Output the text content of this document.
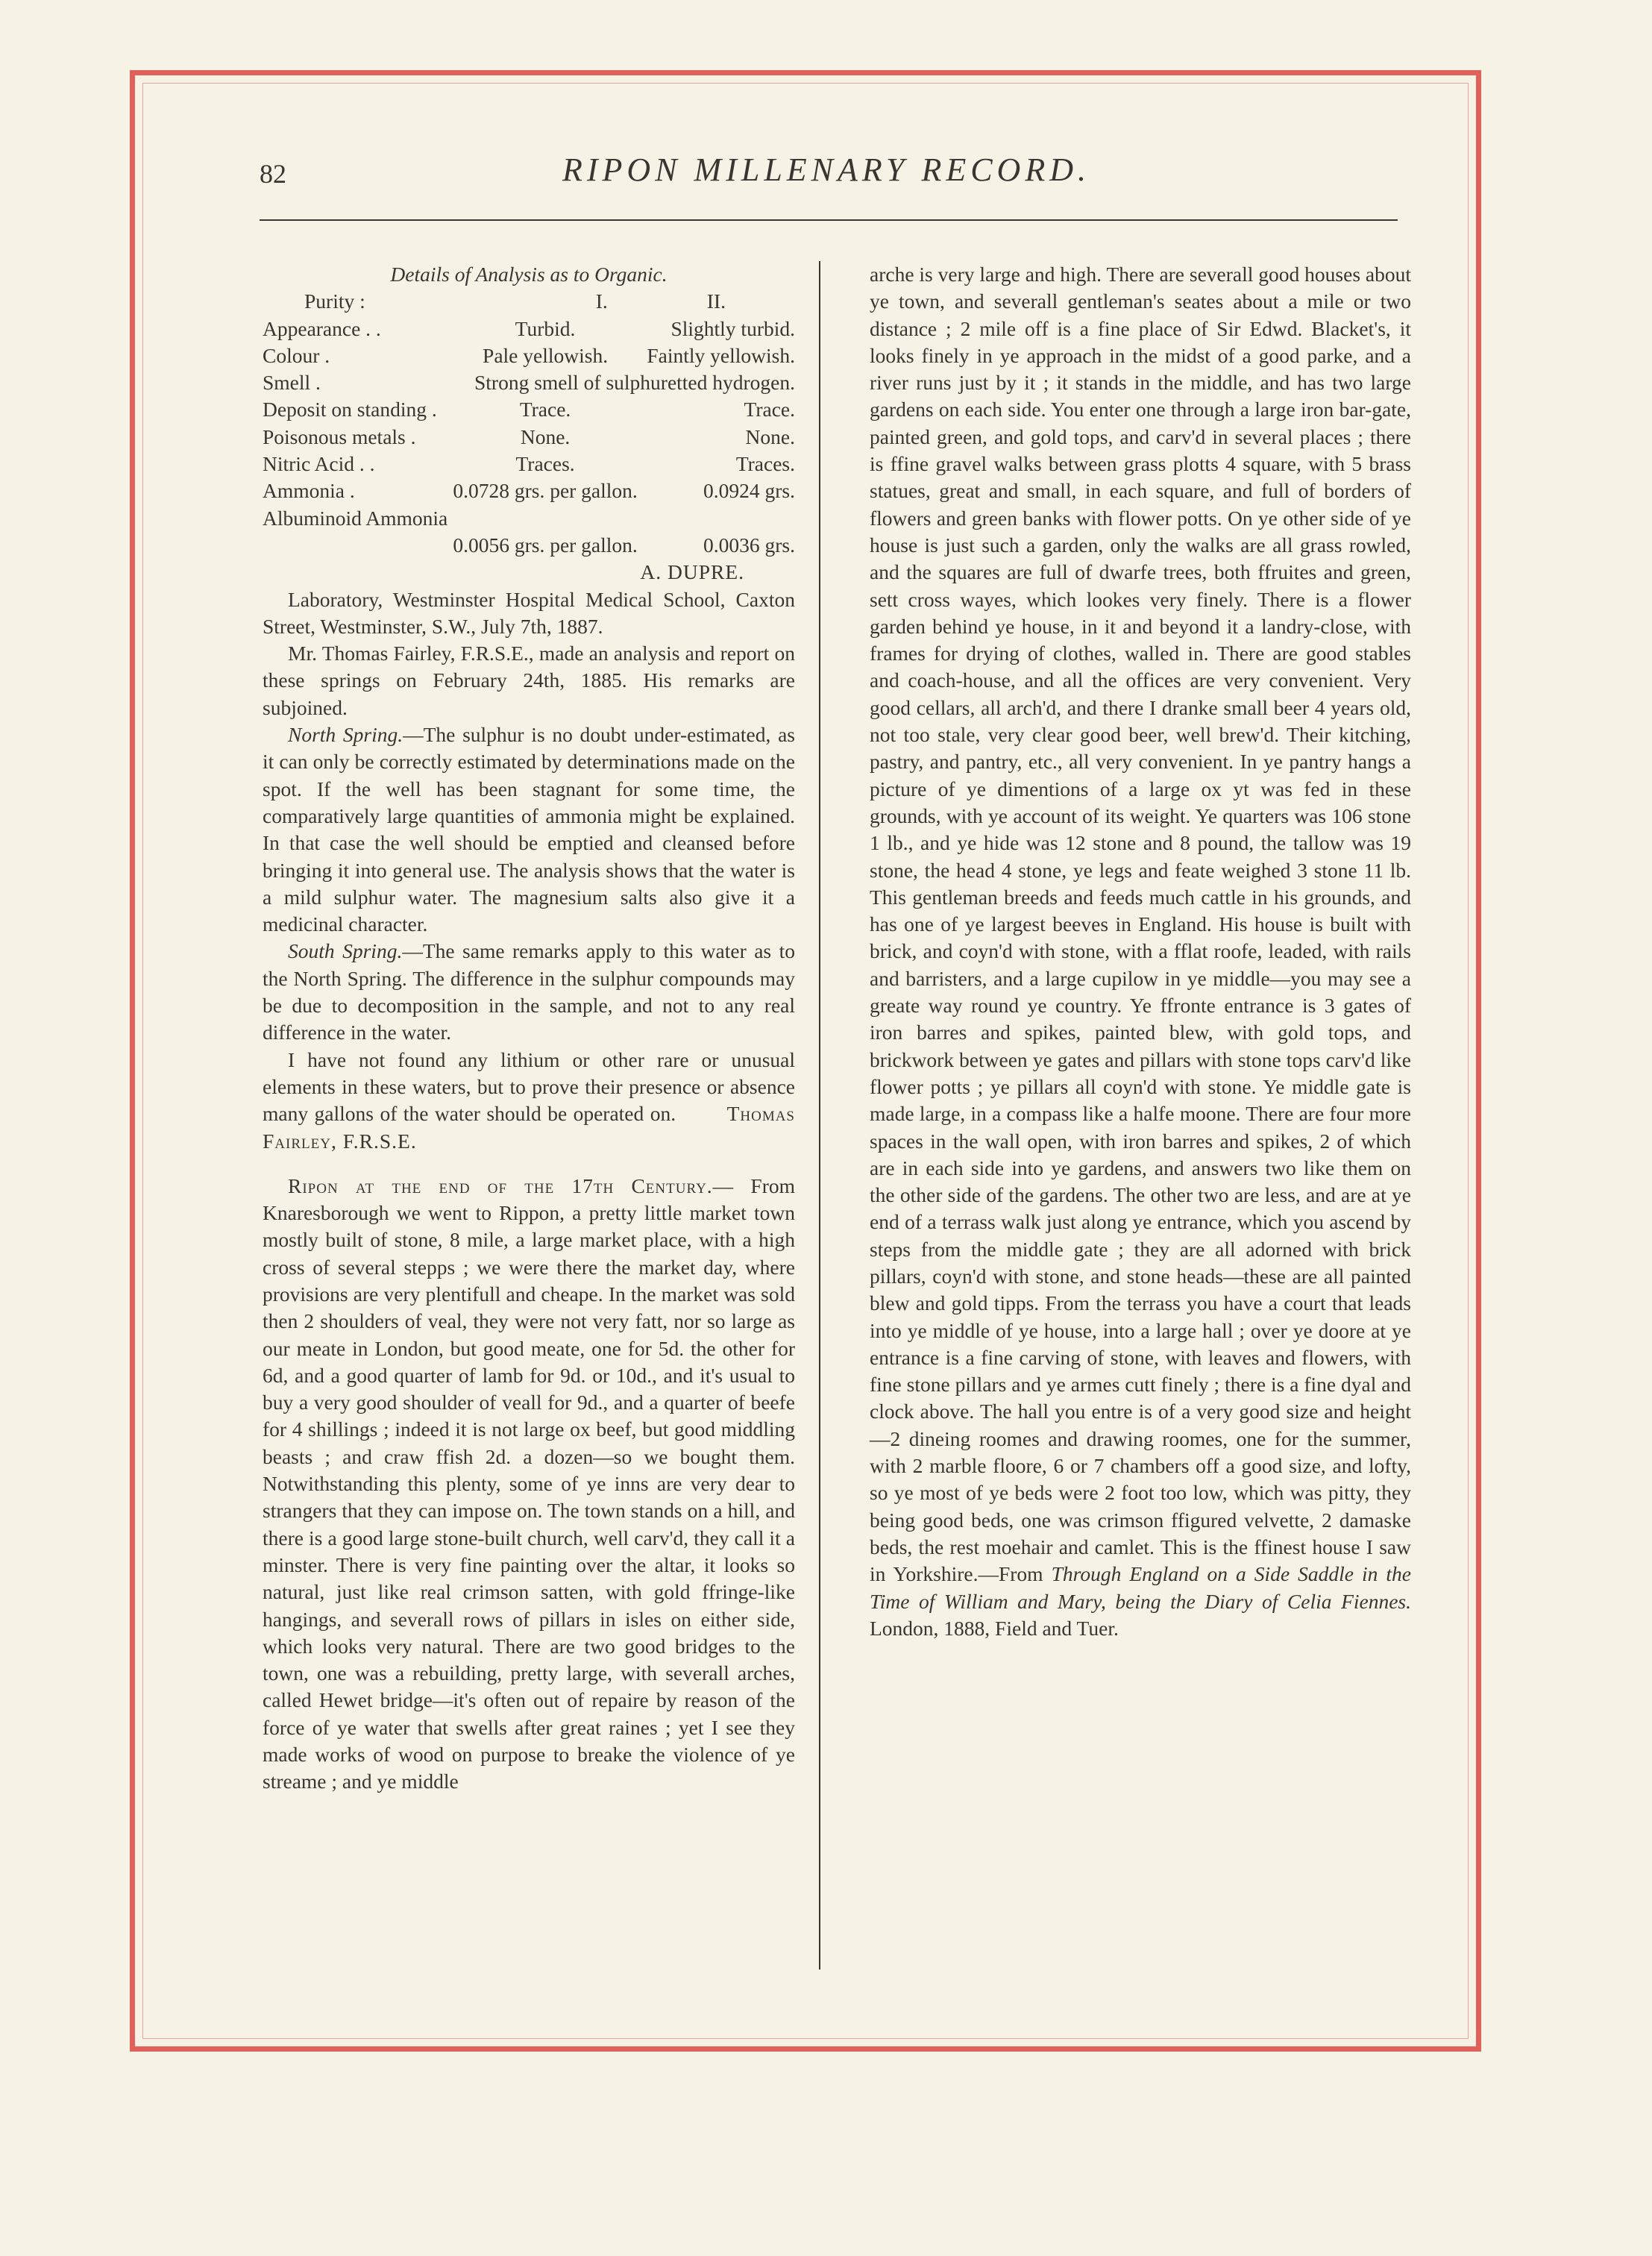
82	RIPON MILLENARY RECORD.

Details of Analysis as to Organic.

Purity :	I.	II.
Appearance . .	Turbid.	Slightly turbid.
Colour .	Pale yellowish.	Faintly yellowish.
Smell .	Strong smell of sulphuretted hydrogen.	
Deposit on standing .	Trace.	Trace.
Poisonous metals .	None.	None.
Nitric Acid . .	Traces.	Traces.
Ammonia .	0.0728 grs. per gallon.	0.0924 grs.
Albuminoid Ammonia		
	0.0056 grs. per gallon.	0.0036 grs.

A. DUPRE.

Laboratory, Westminster Hospital Medical School, Caxton Street, Westminster, S.W., July 7th, 1887.

Mr. Thomas Fairley, F.R.S.E., made an analysis and report on these springs on February 24th, 1885. His remarks are subjoined.

North Spring.—The sulphur is no doubt under-estimated, as it can only be correctly estimated by determinations made on the spot. If the well has been stagnant for some time, the comparatively large quantities of ammonia might be explained. In that case the well should be emptied and cleansed before bringing it into general use. The analysis shows that the water is a mild sulphur water. The magnesium salts also give it a medicinal character.

South Spring.—The same remarks apply to this water as to the North Spring. The difference in the sulphur compounds may be due to decomposition in the sample, and not to any real difference in the water.

I have not found any lithium or other rare or unusual elements in these waters, but to prove their presence or absence many gallons of the water should be operated on. Thomas Fairley, F.R.S.E.

Ripon at the end of the 17th Century.— From Knaresborough we went to Rippon, a pretty little market town mostly built of stone, 8 mile, a large market place, with a high cross of several stepps ; we were there the market day, where provisions are very plentifull and cheape. In the market was sold then 2 shoulders of veal, they were not very fatt, nor so large as our meate in London, but good meate, one for 5d. the other for 6d, and a good quarter of lamb for 9d. or 10d., and it's usual to buy a very good shoulder of veall for 9d., and a quarter of beefe for 4 shillings ; indeed it is not large ox beef, but good middling beasts ; and craw ffish 2d. a dozen—so we bought them. Notwithstanding this plenty, some of ye inns are very dear to strangers that they can impose on. The town stands on a hill, and there is a good large stone-built church, well carv'd, they call it a minster. There is very fine painting over the altar, it looks so natural, just like real crimson satten, with gold ffringe-like hangings, and severall rows of pillars in isles on either side, which looks very natural. There are two good bridges to the town, one was a rebuilding, pretty large, with severall arches, called Hewet bridge—it's often out of repaire by reason of the force of ye water that swells after great raines ; yet I see they made works of wood on purpose to breake the violence of ye streame ; and ye middle

arche is very large and high. There are severall good houses about ye town, and severall gentleman's seates about a mile or two distance ; 2 mile off is a fine place of Sir Edwd. Blacket's, it looks finely in ye approach in the midst of a good parke, and a river runs just by it ; it stands in the middle, and has two large gardens on each side. You enter one through a large iron bar-gate, painted green, and gold tops, and carv'd in several places ; there is ffine gravel walks between grass plotts 4 square, with 5 brass statues, great and small, in each square, and full of borders of flowers and green banks with flower potts. On ye other side of ye house is just such a garden, only the walks are all grass rowled, and the squares are full of dwarfe trees, both ffruites and green, sett cross wayes, which lookes very finely. There is a flower garden behind ye house, in it and beyond it a landry-close, with frames for drying of clothes, walled in. There are good stables and coach-house, and all the offices are very convenient. Very good cellars, all arch'd, and there I dranke small beer 4 years old, not too stale, very clear good beer, well brew'd. Their kitching, pastry, and pantry, etc., all very convenient. In ye pantry hangs a picture of ye dimentions of a large ox yt was fed in these grounds, with ye account of its weight. Ye quarters was 106 stone 1 lb., and ye hide was 12 stone and 8 pound, the tallow was 19 stone, the head 4 stone, ye legs and feate weighed 3 stone 11 lb. This gentleman breeds and feeds much cattle in his grounds, and has one of ye largest beeves in England. His house is built with brick, and coyn'd with stone, with a fflat roofe, leaded, with rails and barristers, and a large cupilow in ye middle—you may see a greate way round ye country. Ye ffronte entrance is 3 gates of iron barres and spikes, painted blew, with gold tops, and brickwork between ye gates and pillars with stone tops carv'd like flower potts ; ye pillars all coyn'd with stone. Ye middle gate is made large, in a compass like a halfe moone. There are four more spaces in the wall open, with iron barres and spikes, 2 of which are in each side into ye gardens, and answers two like them on the other side of the gardens. The other two are less, and are at ye end of a terrass walk just along ye entrance, which you ascend by steps from the middle gate ; they are all adorned with brick pillars, coyn'd with stone, and stone heads—these are all painted blew and gold tipps. From the terrass you have a court that leads into ye middle of ye house, into a large hall ; over ye doore at ye entrance is a fine carving of stone, with leaves and flowers, with fine stone pillars and ye armes cutt finely ; there is a fine dyal and clock above. The hall you entre is of a very good size and height —2 dineing roomes and drawing roomes, one for the summer, with 2 marble floore, 6 or 7 chambers off a good size, and lofty, so ye most of ye beds were 2 foot too low, which was pitty, they being good beds, one was crimson ffigured velvette, 2 damaske beds, the rest moehair and camlet. This is the ffinest house I saw in Yorkshire.—From Through England on a Side Saddle in the Time of William and Mary, being the Diary of Celia Fiennes. London, 1888, Field and Tuer.
